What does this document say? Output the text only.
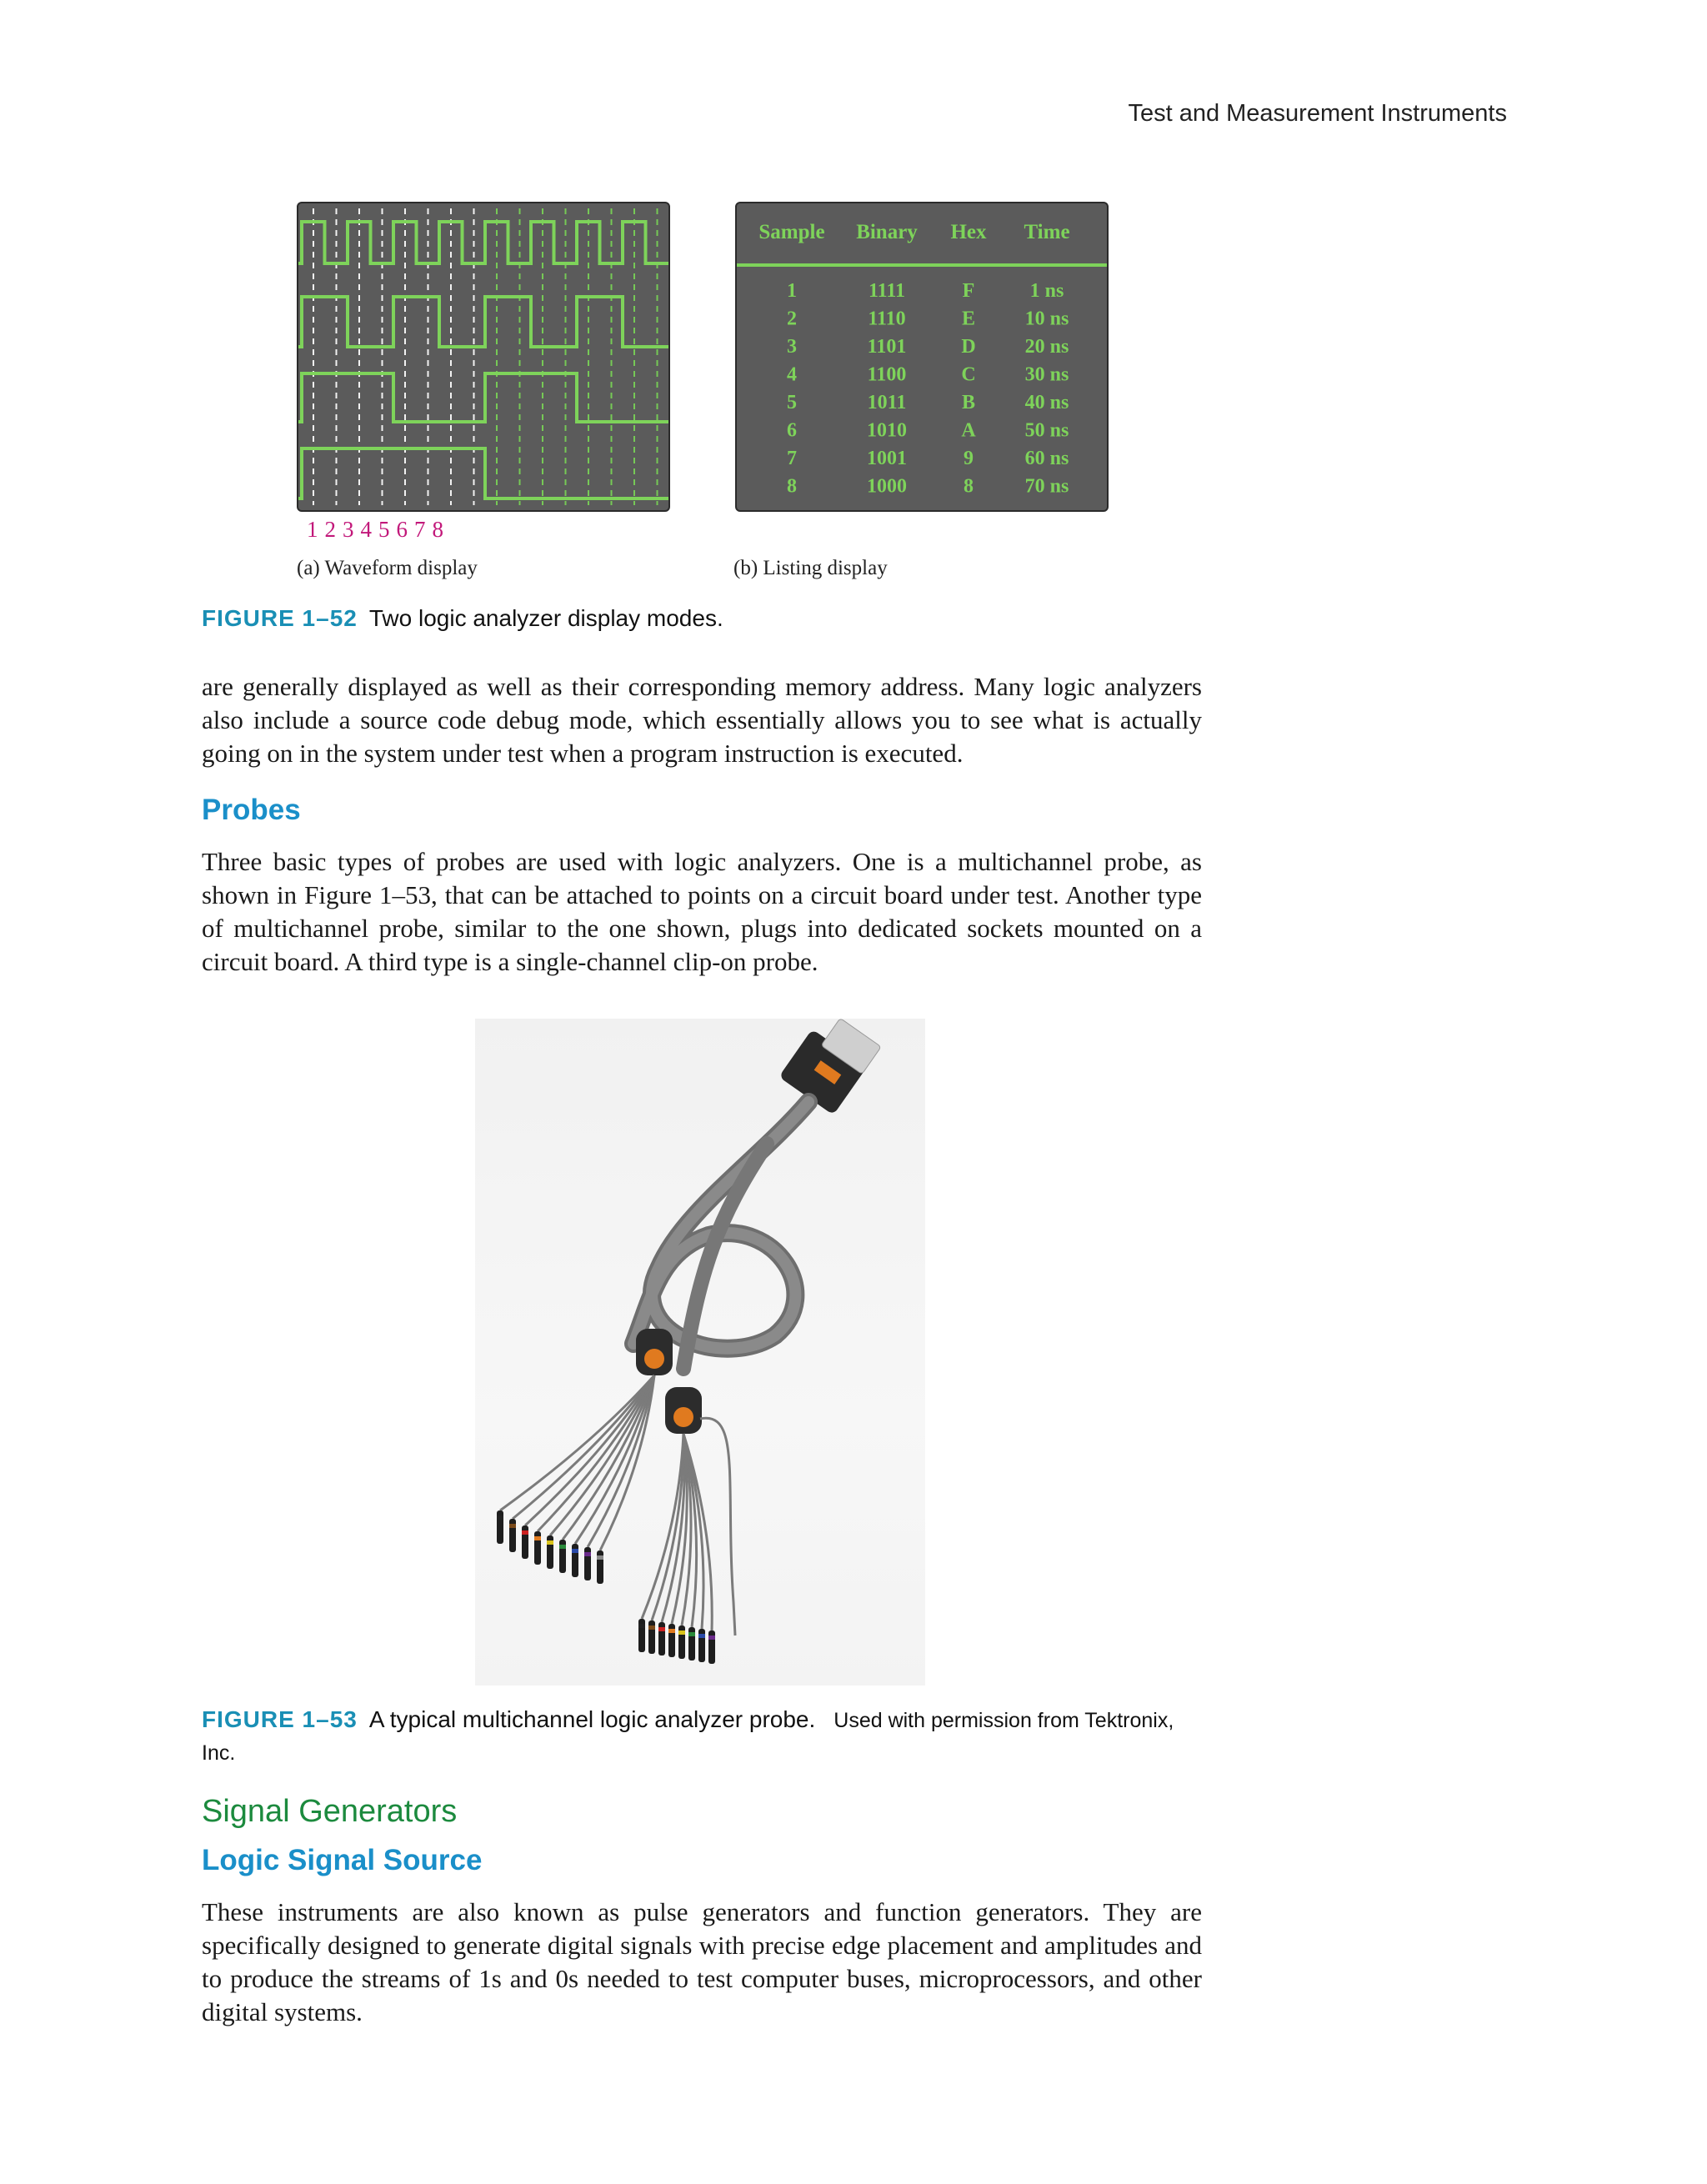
Test and Measurement Instruments
1 2 3 4 5 6 7 8
(a) Waveform display
Sample Binary Hex Time
1	1111	F	1 ns
2	1110	E 10 ns
3	1101	D 20 ns
4	1100	C 30 ns
5	1011	B 40 ns
6	1010	A 50 ns
7	1001	9	60 ns
8	1000	8	70 ns
(b) Listing display
FIGURE 1–52 Two logic analyzer display modes.
are generally displayed as well as their corresponding memory address. Many logic analyzers also include a source code debug mode, which essentially allows you to see what is actually going on in the system under test when a program instruction is executed.
Probes
Three basic types of probes are used with logic analyzers. One is a multichannel probe, as shown in Figure 1–53, that can be attached to points on a circuit board under test. Another type of multichannel probe, similar to the one shown, plugs into dedicated sockets mounted on a circuit board. A third type is a single-channel clip-on probe.
FIGURE 1–53 A typical multichannel logic analyzer probe. Used with permission from Tektronix, Inc.
Signal Generators
Logic Signal Source
These instruments are also known as pulse generators and function generators. They are specifically designed to generate digital signals with precise edge placement and amplitudes and to produce the streams of 1s and 0s needed to test computer buses, microprocessors, and other digital systems.
